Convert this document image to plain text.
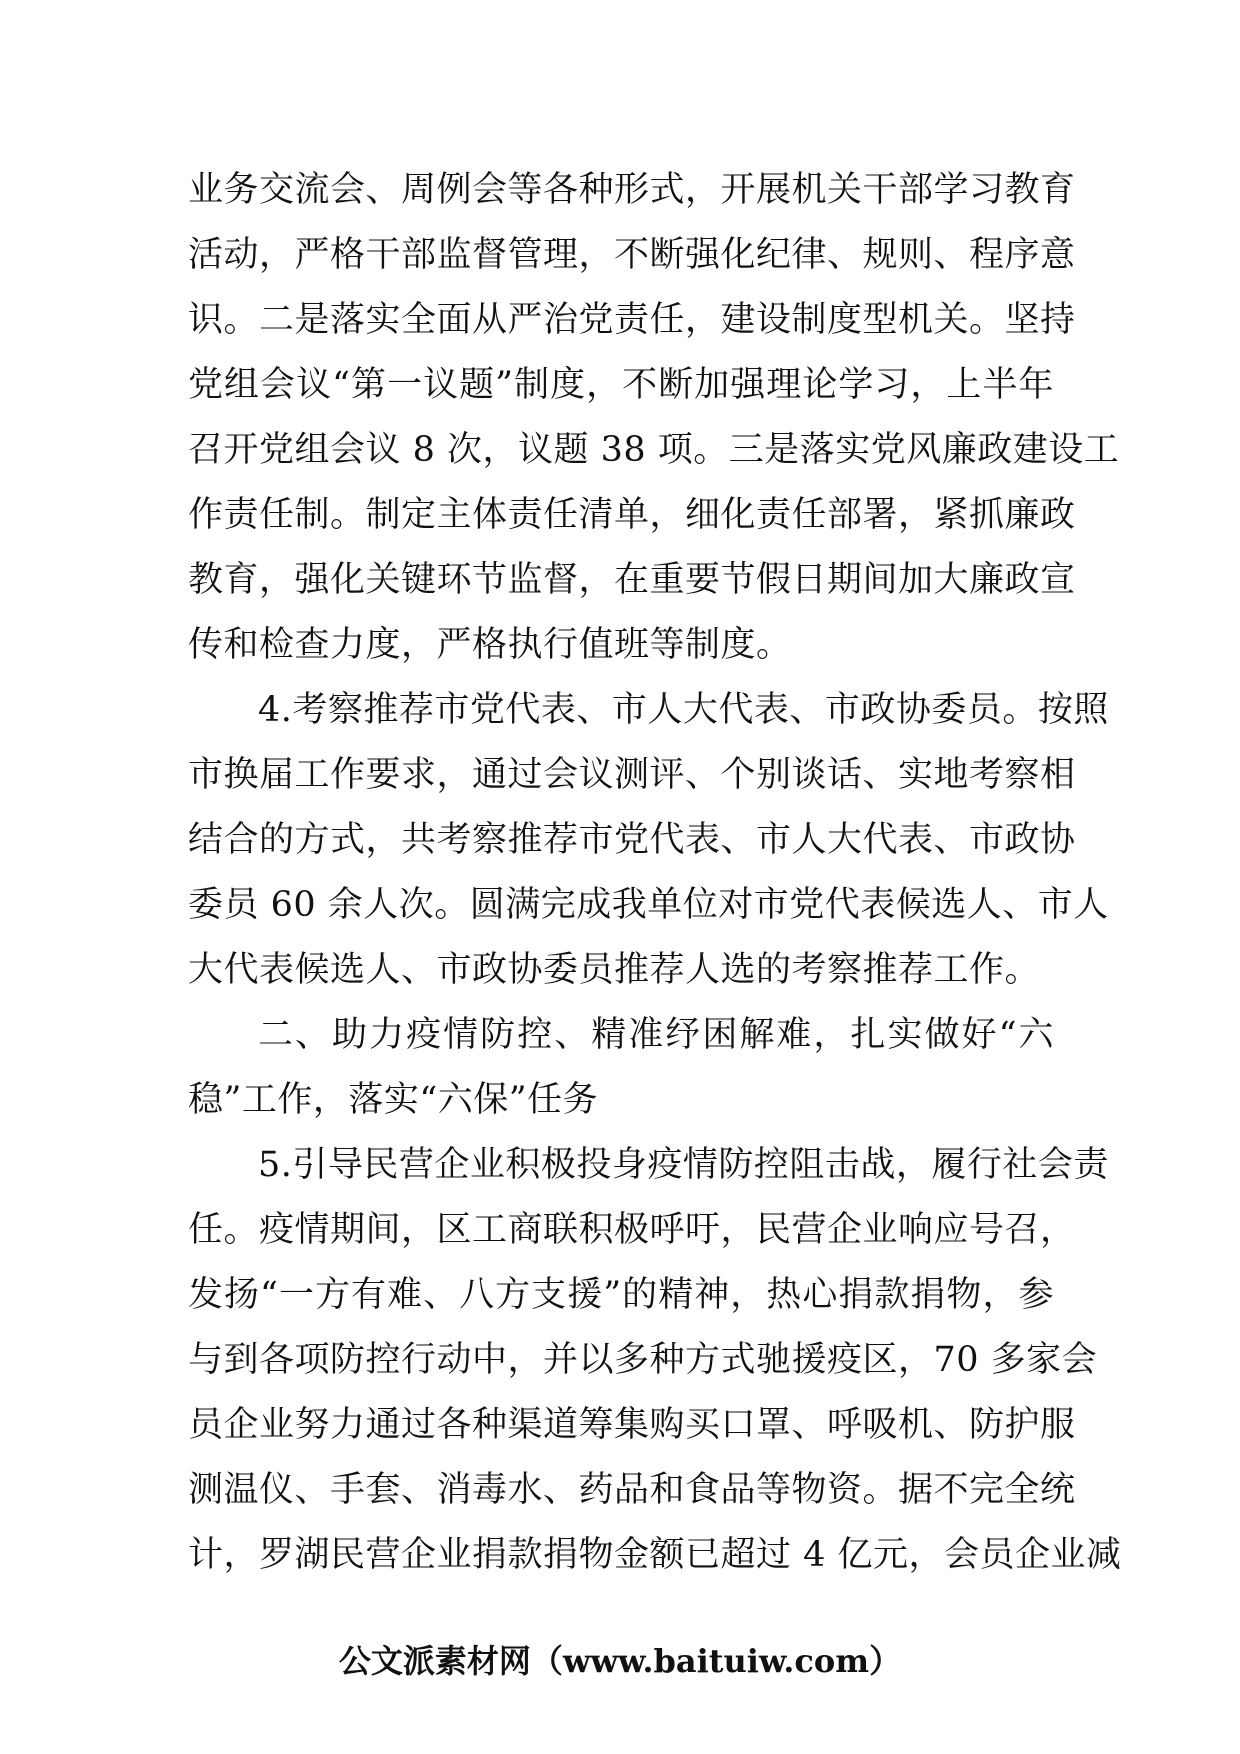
业务交流会、周例会等各种形式，开展机关干部学习教育
活动，严格干部监督管理，不断强化纪律、规则、程序意
识。二是落实全面从严治党责任，建设制度型机关。坚持
党组会议“第一议题”制度，不断加强理论学习，上半年
召开党组会议 8 次，议题 38 项。三是落实党风廉政建设工
作责任制。制定主体责任清单，细化责任部署，紧抓廉政
教育，强化关键环节监督，在重要节假日期间加大廉政宣
传和检查力度，严格执行值班等制度。
4.考察推荐市党代表、市人大代表、市政协委员。按照
市换届工作要求，通过会议测评、个别谈话、实地考察相
结合的方式，共考察推荐市党代表、市人大代表、市政协
委员 60 余人次。圆满完成我单位对市党代表候选人、市人
大代表候选人、市政协委员推荐人选的考察推荐工作。
二、助力疫情防控、精准纾困解难，扎实做好“六
稳”工作，落实“六保”任务
5.引导民营企业积极投身疫情防控阻击战，履行社会责
任。疫情期间，区工商联积极呼吁，民营企业响应号召，
发扬“一方有难、八方支援”的精神，热心捐款捐物，参
与到各项防控行动中，并以多种方式驰援疫区，70 多家会
员企业努力通过各种渠道筹集购买口罩、呼吸机、防护服
测温仪、手套、消毒水、药品和食品等物资。据不完全统
计，罗湖民营企业捐款捐物金额已超过 4 亿元，会员企业减
公文派素材网（www.baituiw.com）
